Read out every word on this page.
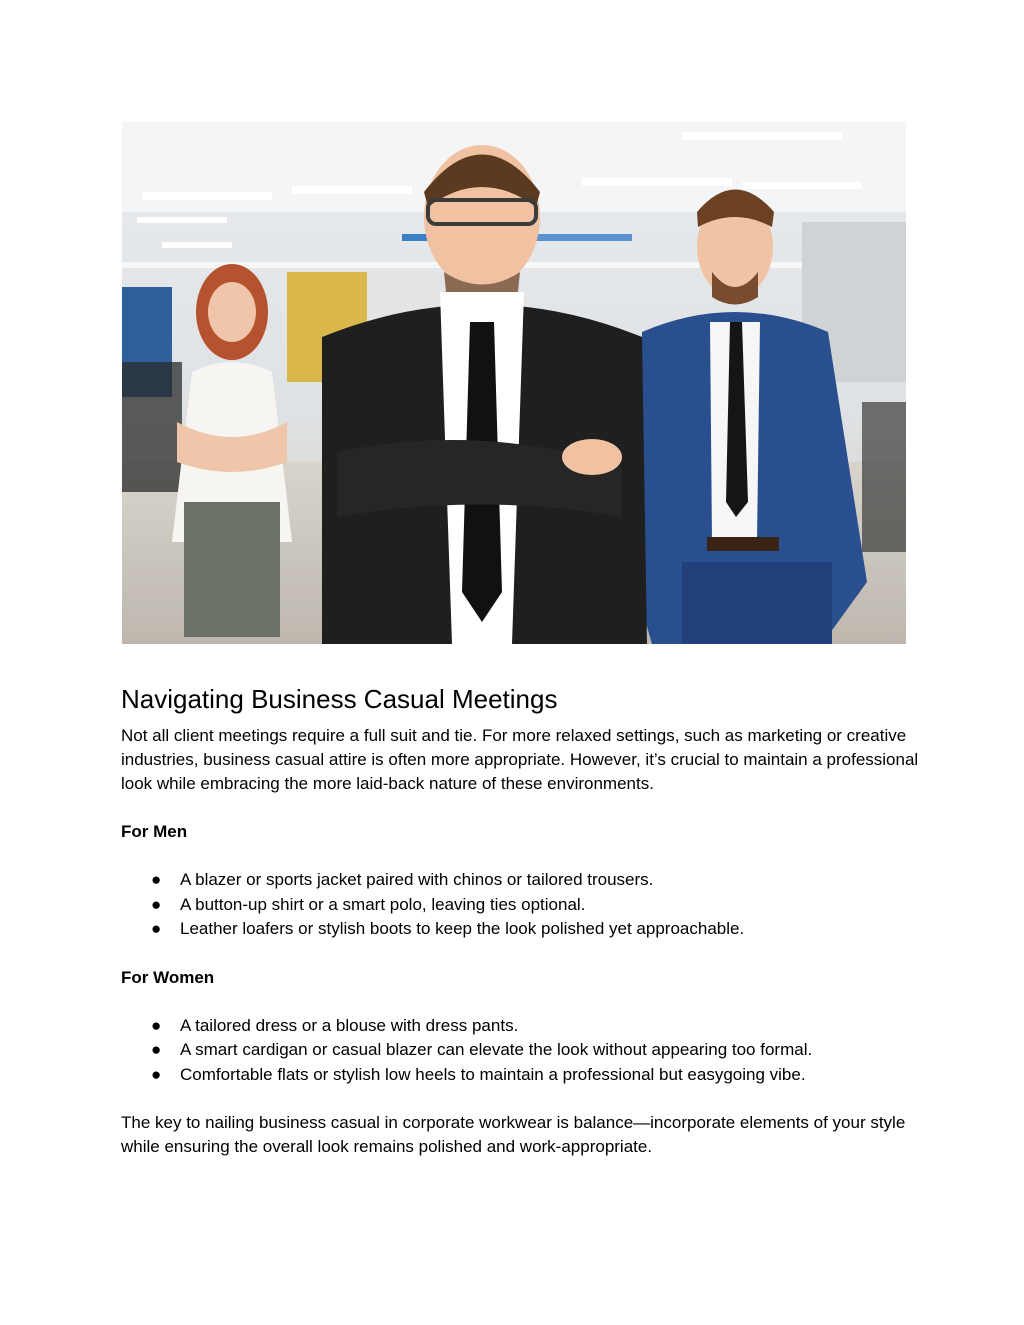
Navigating Business Casual Meetings

Not all client meetings require a full suit and tie. For more relaxed settings, such as marketing or creative industries, business casual attire is often more appropriate. However, it’s crucial to maintain a professional look while embracing the more laid-back nature of these environments.

For Men
● A blazer or sports jacket paired with chinos or tailored trousers.
● A button-up shirt or a smart polo, leaving ties optional.
● Leather loafers or stylish boots to keep the look polished yet approachable.
For Women
● A tailored dress or a blouse with dress pants.
● A smart cardigan or casual blazer can elevate the look without appearing too formal.
● Comfortable flats or stylish low heels to maintain a professional but easygoing vibe.

The key to nailing business casual in corporate workwear is balance—incorporate elements of your style while ensuring the overall look remains polished and work-appropriate.
